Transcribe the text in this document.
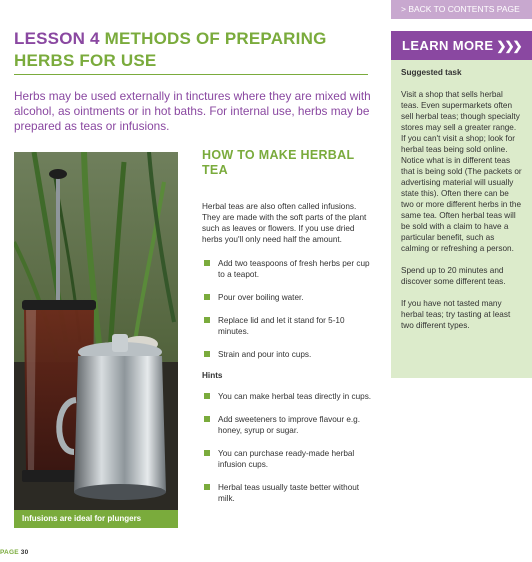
LESSON 4 METHODS OF PREPARING HERBS FOR USE

Herbs may be used externally in tinctures where they are mixed with alcohol, as ointments or in hot baths. For internal use, herbs may be prepared as teas or infusions.

Infusions are ideal for plungers
HOW TO MAKE HERBAL TEA

Herbal teas are also often called infusions. They are made with the soft parts of the plant such as leaves or flowers. If you use dried herbs you'll only need half the amount.

Add two teaspoons of fresh herbs per cup to a teapot.
Pour over boiling water.
Replace lid and let it stand for 5-10 minutes.
Strain and pour into cups.
Hints
You can make herbal teas directly in cups.
Add sweeteners to improve flavour e.g. honey, syrup or sugar.
You can purchase ready-made herbal infusion cups.
Herbal teas usually taste better without milk.
> BACK TO CONTENTS PAGE
LEARN MORE ❯❯❯
Suggested task

Visit a shop that sells herbal teas. Even supermarkets often sell herbal teas; though specialty stores may sell a greater range. If you can't visit a shop; look for herbal teas being sold online. Notice what is in different teas that is being sold (The packets or advertising material will usually state this). Often there can be two or more different herbs in the same tea. Often herbal teas will be sold with a claim to have a particular benefit, such as calming or refreshing a person.

Spend up to 20 minutes and discover some different teas.

If you have not tasted many herbal teas; try tasting at least two different types.

PAGE 30
